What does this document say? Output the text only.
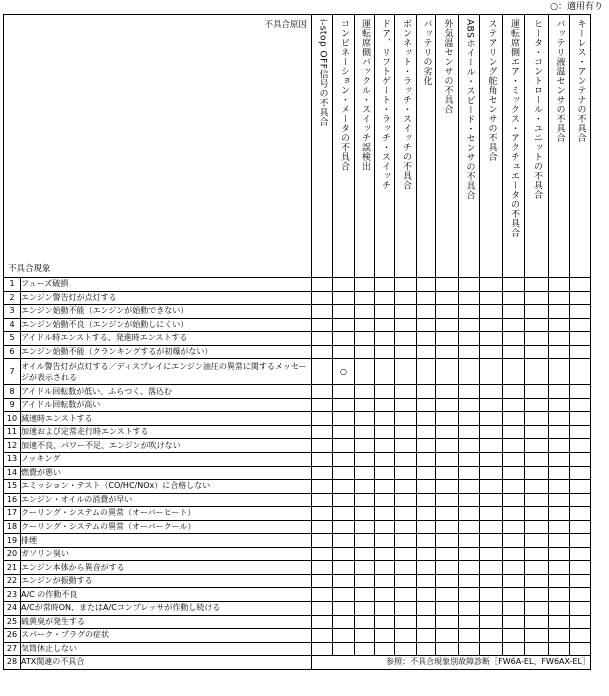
○：適用有り
不具合原因
不具合現象		i-stop OFF信号の不具合	コンビネーション・メータの不具合	運転席側バックル・スイッチ誤検出	ドア、リフトゲート・ラッチ・スイッチ	ボンネット・ラッチ・スイッチの不具合	バッテリの劣化	外気温センサの不具合	ABSホイール・スピード・センサの不具合	ステアリング舵角センサの不具合	運転席側エア・ミックス・アクチュエータの不具合	ヒータ・コントロール・ユニットの不具合	バッテリ液温センサの不具合	キーレス・アンテナの不具合

1	フューズ破損													
2	エンジン警告灯が点灯する													
3	エンジン始動不能（エンジンが始動できない）													
4	エンジン始動不良（エンジンが始動しにくい）													
5	アイドル時エンストする、発進時エンストする													
6	エンジン始動不能（クランキングするが初爆がない）													
7	オイル警告灯が点灯する／ディスプレイにエンジン油圧の異常に関するメッセージが表示される		○											
8	アイドル回転数が低い、ふらつく、落込む													
9	アイドル回転数が高い													
10	減速時エンストする													
11	加速および定常走行時エンストする													
12	加速不良、パワー不足、エンジンが吹けない													
13	ノッキング													
14	燃費が悪い													
15	エミッション・テスト（CO/HC/NOx）に合格しない													
16	エンジン・オイルの消費が早い													
17	クーリング・システムの異常（オーバーヒート）													
18	クーリング・システムの異常（オーバークール）													
19	排煙													
20	ガソリン臭い													
21	エンジン本体から異音がする													
22	エンジンが振動する													
23	A/C の作動不良													
24	A/Cが常時ON、またはA/Cコンプレッサが作動し続ける													
25	硫黄臭が発生する													
26	スパーク・プラグの症状													
27	気筒休止しない													
28	ATX関連の不具合	参照：不具合現象別故障診断［FW6A-EL、FW6AX-EL］												
